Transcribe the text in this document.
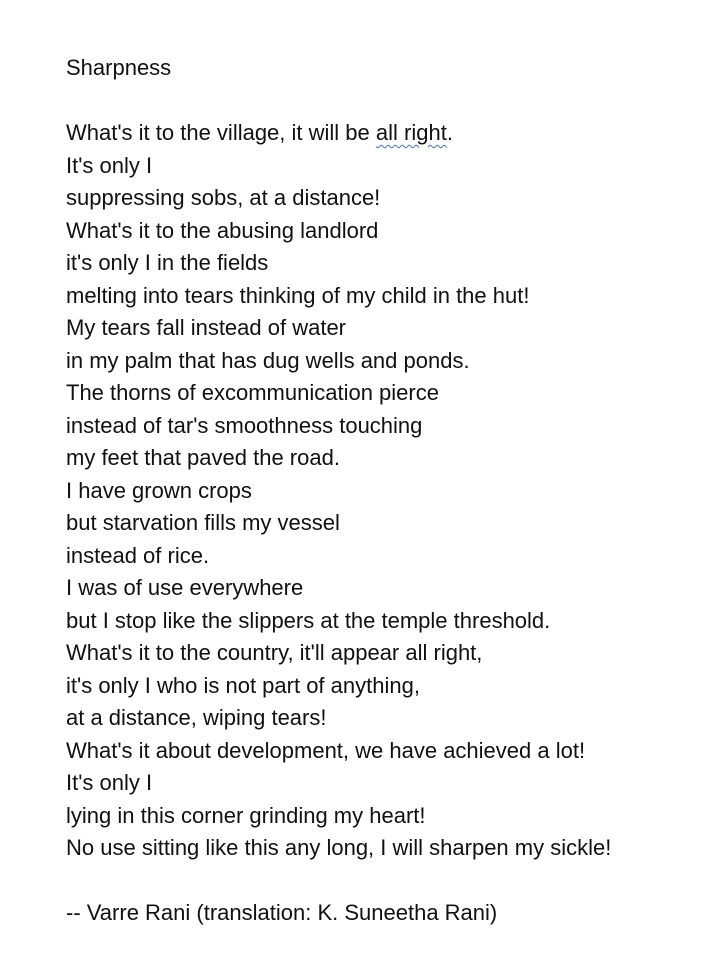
Sharpness
What's it to the village, it will be all right.
It's only I
suppressing sobs, at a distance!
What's it to the abusing landlord
it's only I in the fields
melting into tears thinking of my child in the hut!
My tears fall instead of water
in my palm that has dug wells and ponds.
The thorns of excommunication pierce
instead of tar's smoothness touching
my feet that paved the road.
I have grown crops
but starvation fills my vessel
instead of rice.
I was of use everywhere
but I stop like the slippers at the temple threshold.
What's it to the country, it'll appear all right,
it's only I who is not part of anything,
at a distance, wiping tears!
What's it about development, we have achieved a lot!
It's only I
lying in this corner grinding my heart!
No use sitting like this any long, I will sharpen my sickle!
-- Varre Rani (translation: K. Suneetha Rani)
